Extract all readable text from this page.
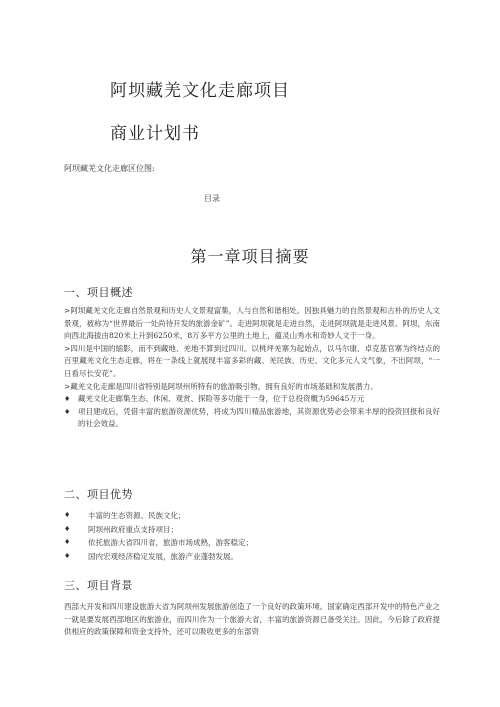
阿坝藏羌文化走廊项目
商业计划书
阿坝藏羌文化走廊区位图:
目录
第一章项目摘要
一、项目概述

>阿坝藏羌文化走廊自然景观和历史人文景观富集，人与自然和谐相处。因独具魅力的自然景观和古朴的历史人文景观，被称为“世界最后一处尚待开发的旅游金矿”。走进阿坝就是走进自然，走进阿坝就是走进风景。阿坝，东南向西北海拔由820米上升到6250米，8万多平方公里的土地上，蕴灵山秀水和奇妙人文于一身。

>四川是中国的缩影，而不到藏地、羌地不算到过四川。以桃坪羌寨为起始点，以马尔康、卓克基官寨为终结点的百里藏羌文化生态走廊，将在一条线上就展现丰富多彩的藏、羌民族、历史、文化多元人文气象，不出阿坝，“一日看尽长安花”。

>藏羌文化走廊是四川省特别是阿坝州所特有的旅游吸引物，拥有良好的市场基础和发展潜力。

♦	藏羌文化走廊集生态、休闲、观赏、探险等多功能于一身，位于总投资概为59645万元
♦	项目建成后，凭借丰富的旅游资源优势，将成为四川精品旅游地，其资源优势必会带来丰厚的投资回报和良好的社会效益。
二、项目优势
♦	丰富的生态资源、民族文化；
♦	阿坝州政府重点支持项目；
♦	依托旅游大省四川省，旅游市场成熟，游客稳定；
♦	国内宏观经济稳定发展，旅游产业蓬勃发展。
三、项目背景

西部大开发和四川建设旅游大省为阿坝州发展旅游创造了一个良好的政策环境。国家确定西部开发中的特色产业之一就是要发展西部地区的旅游业，而四川作为一个旅游大省，丰富的旅游资源已备受关注。因此，今后除了政府提供相应的政策保障和资金支持外，还可以吸收更多的东部资
